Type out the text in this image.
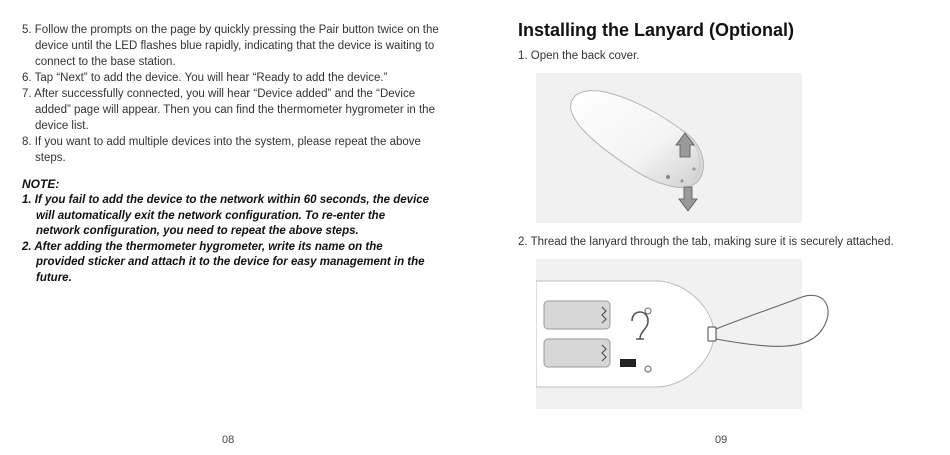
5. Follow the prompts on the page by quickly pressing the Pair button twice on the device until the LED flashes blue rapidly, indicating that the device is waiting to connect to the base station.
6. Tap “Next” to add the device. You will hear “Ready to add the device.”
7. After successfully connected, you will hear “Device added” and the “Device added” page will appear. Then you can find the thermometer hygrometer in the device list.
8. If you want to add multiple devices into the system, please repeat the above steps.
NOTE:
1. If you fail to add the device to the network within 60 seconds, the device will automatically exit the network configuration. To re-enter the network configuration, you need to repeat the above steps.
2. After adding the thermometer hygrometer, write its name on the provided sticker and attach it to the device for easy management in the future.
08
Installing the Lanyard (Optional)

1. Open the back cover.

2. Thread the lanyard through the tab, making sure it is securely attached.

09
